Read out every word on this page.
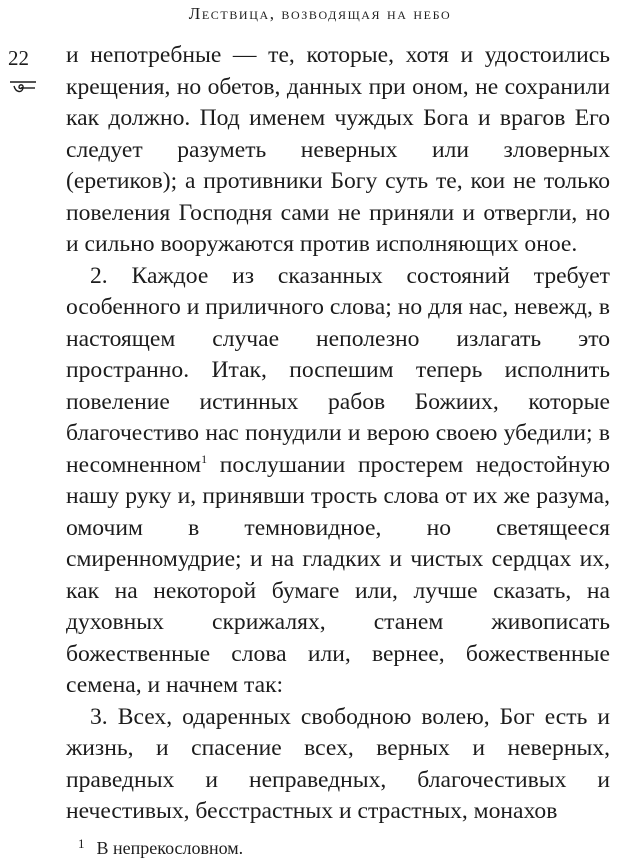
Лествица, возводящая на небо
22 и непотребные — те, которые, хотя и удостоились крещения, но обетов, данных при оном, не сохранили как должно. Под именем чуждых Бога и врагов Его следует разуметь неверных или зловерных (еретиков); а противники Богу суть те, кои не только повеления Господня сами не приняли и отвергли, но и сильно вооружаются против исполняющих оное.

2. Каждое из сказанных состояний требует особенного и приличного слова; но для нас, невежд, в настоящем случае неполезно излагать это пространно. Итак, поспешим теперь исполнить повеление истинных рабов Божиих, которые благочестиво нас понудили и верою своею убедили; в несомненном$^1$ послушании простерем недостойную нашу руку и, принявши трость слова от их же разума, омочим в темновидное, но светящееся смиренномудрие; и на гладких и чистых сердцах их, как на некоторой бумаге или, лучше сказать, на духовных скрижалях, станем живописать божественные слова или, вернее, божественные семена, и начнем так:

3. Всех, одаренных свободною волею, Бог есть и жизнь, и спасение всех, верных и неверных, праведных и неправедных, благочестивых и нечестивых, бесстрастных и страстных, монахов

$^1$ В непрекословном.
